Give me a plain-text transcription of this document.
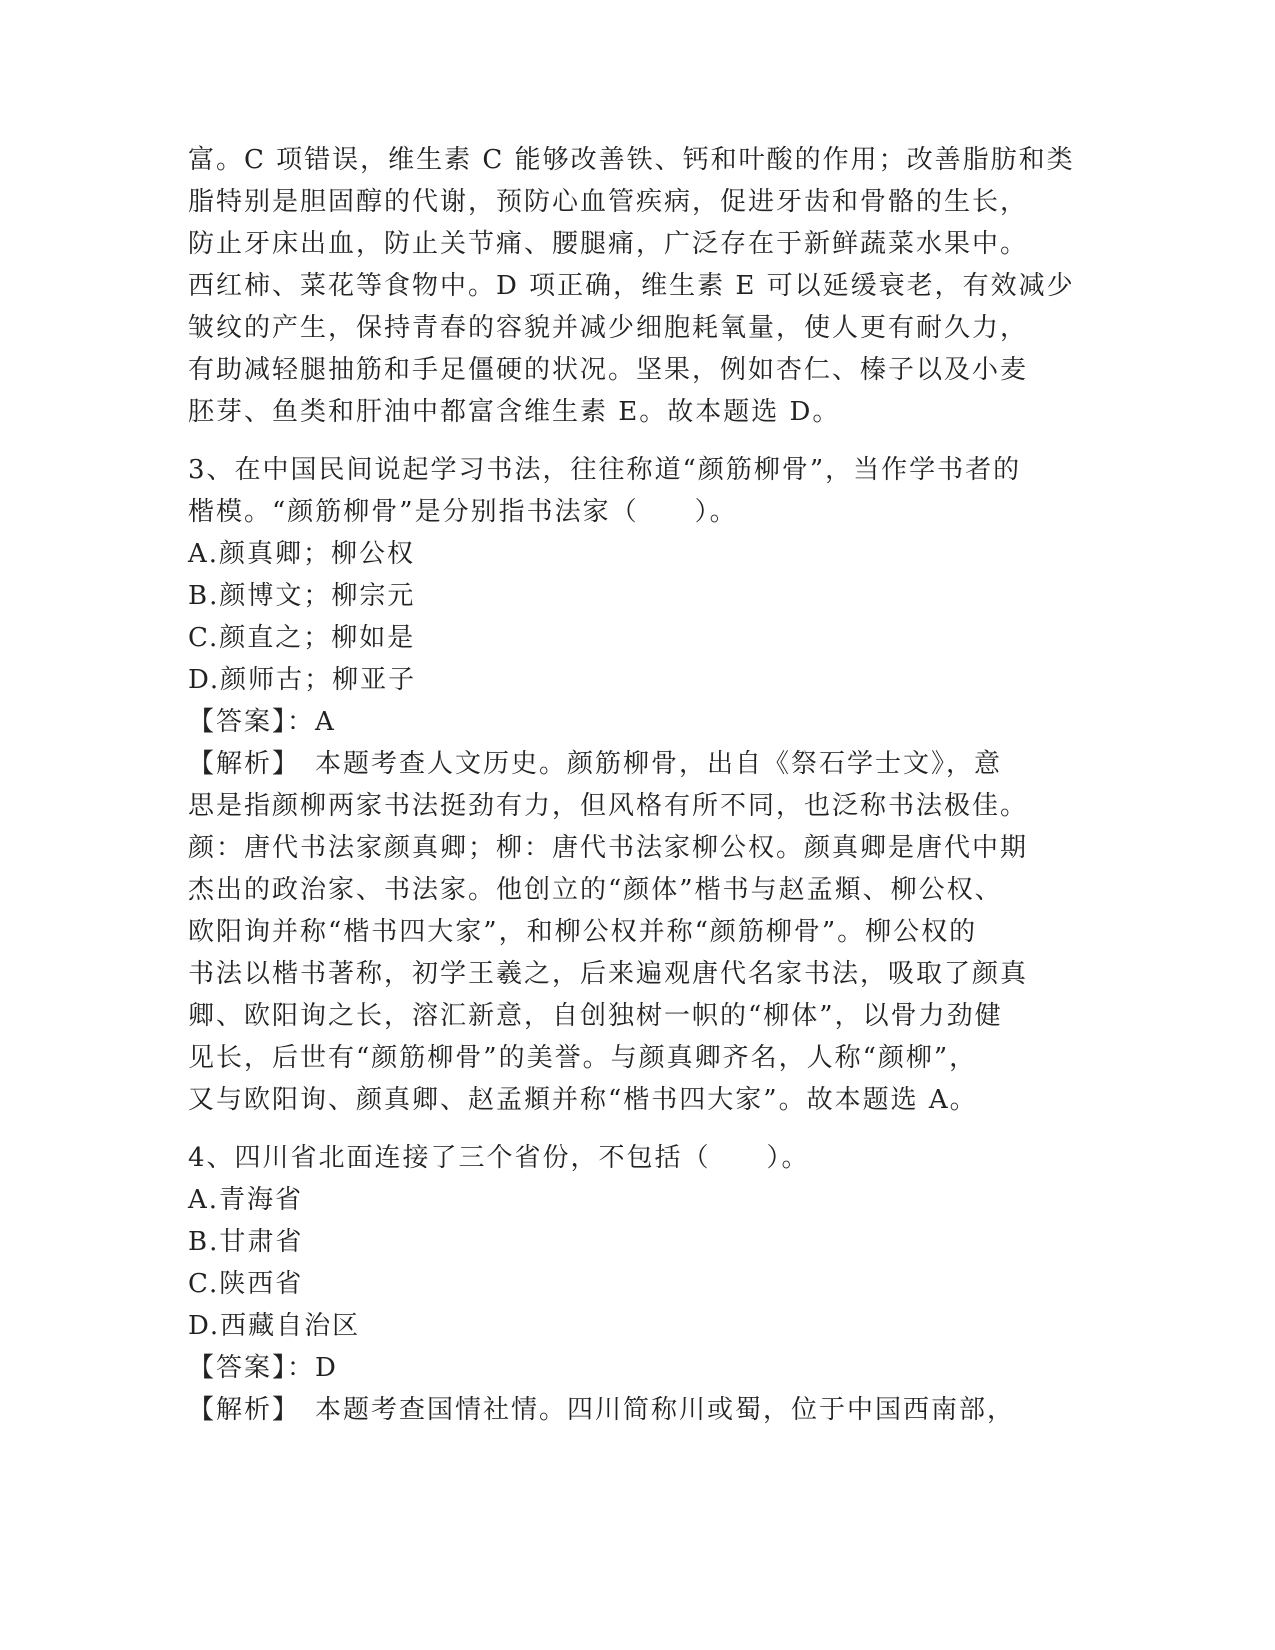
富。C 项错误，维生素 C 能够改善铁、钙和叶酸的作用；改善脂肪和类
脂特别是胆固醇的代谢，预防心血管疾病，促进牙齿和骨骼的生长，
防止牙床出血，防止关节痛、腰腿痛，广泛存在于新鲜蔬菜水果中。
西红柿、菜花等食物中。D 项正确，维生素 E 可以延缓衰老，有效减少
皱纹的产生，保持青春的容貌并减少细胞耗氧量，使人更有耐久力，
有助减轻腿抽筋和手足僵硬的状况。坚果，例如杏仁、榛子以及小麦
胚芽、鱼类和肝油中都富含维生素 E。故本题选 D。
3、在中国民间说起学习书法，往往称道“颜筋柳骨”，当作学书者的
楷模。“颜筋柳骨”是分别指书法家（　　）。
A.颜真卿；柳公权
B.颜博文；柳宗元
C.颜直之；柳如是
D.颜师古；柳亚子
【答案】：A
【解析】　本题考查人文历史。颜筋柳骨，出自《祭石学士文》，意
思是指颜柳两家书法挺劲有力，但风格有所不同，也泛称书法极佳。
颜：唐代书法家颜真卿；柳：唐代书法家柳公权。颜真卿是唐代中期
杰出的政治家、书法家。他创立的“颜体”楷书与赵孟頫、柳公权、
欧阳询并称“楷书四大家”，和柳公权并称“颜筋柳骨”。柳公权的
书法以楷书著称，初学王羲之，后来遍观唐代名家书法，吸取了颜真
卿、欧阳询之长，溶汇新意，自创独树一帜的“柳体”，以骨力劲健
见长，后世有“颜筋柳骨”的美誉。与颜真卿齐名，人称“颜柳”，
又与欧阳询、颜真卿、赵孟頫并称“楷书四大家”。故本题选 A。
4、四川省北面连接了三个省份，不包括（　　）。
A.青海省
B.甘肃省
C.陕西省
D.西藏自治区
【答案】：D
【解析】　本题考查国情社情。四川简称川或蜀，位于中国西南部，
